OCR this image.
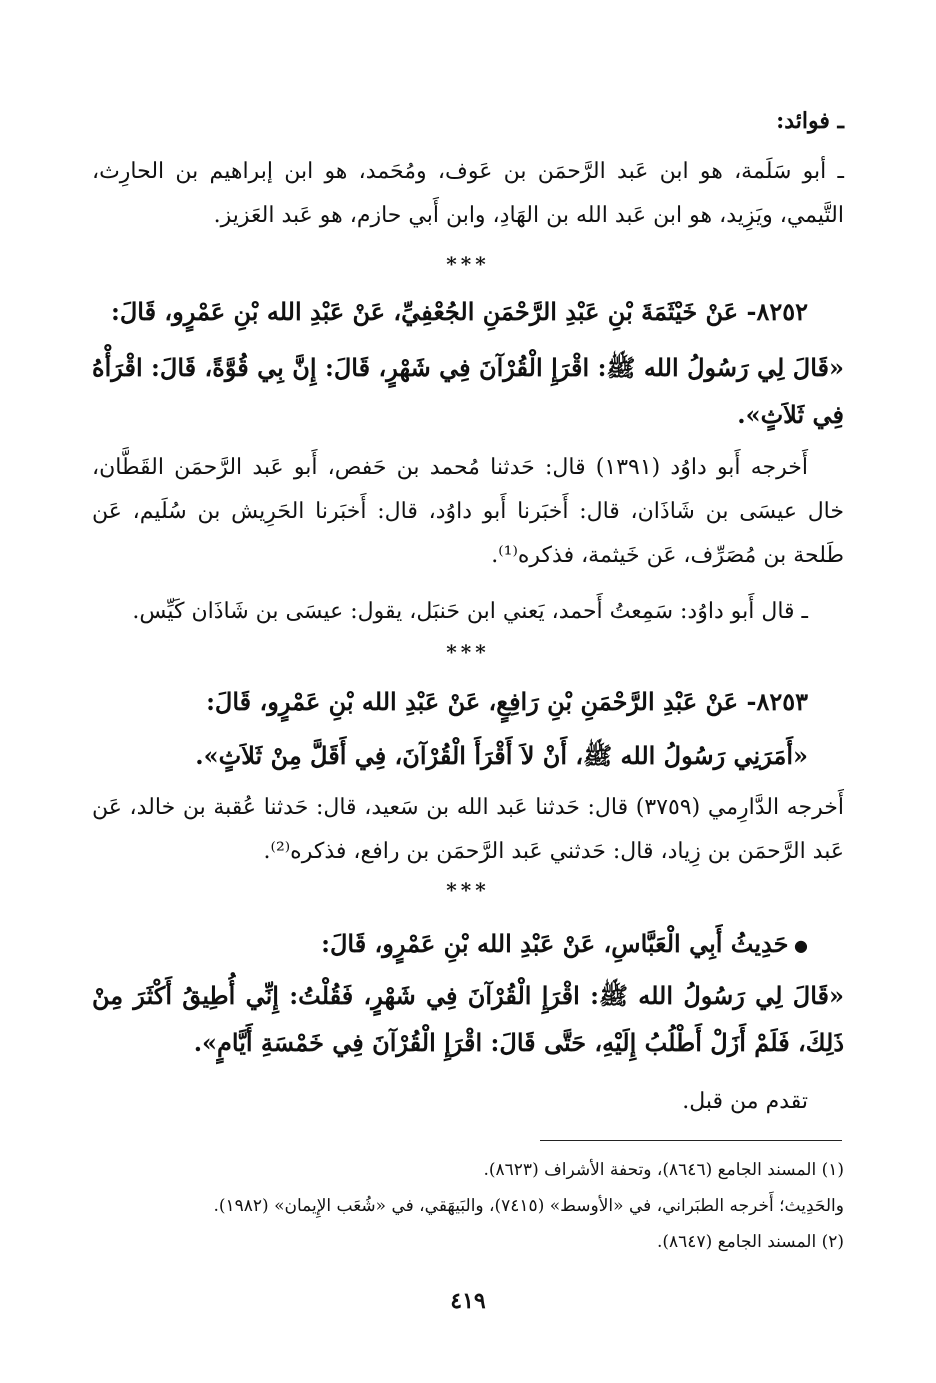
ـ فوائد:

ـ أبو سَلَمة، هو ابن عَبد الرَّحمَن بن عَوف، ومُحَمد، هو ابن إبراهيم بن الحارِث، التَّيمي، ويَزِيد، هو ابن عَبد الله بن الهَادِ، وابن أَبي حازم، هو عَبد العَزيز.

***

٨٢٥٢- عَنْ خَيْثَمَةَ بْنِ عَبْدِ الرَّحْمَنِ الجُعْفِيِّ، عَنْ عَبْدِ الله بْنِ عَمْرٍو، قَالَ:

«قَالَ لِي رَسُولُ الله ﷺ: اقْرَإِ الْقُرْآنَ فِي شَهْرٍ، قَالَ: إِنَّ بِي قُوَّةً، قَالَ: اقْرَأْهُ فِي ثَلاَثٍ».

أَخرجه أَبو داوُد (١٣٩١) قال: حَدثنا مُحمد بن حَفص، أَبو عَبد الرَّحمَن القَطَّان، خال عيسَى بن شَاذَان، قال: أَخبَرنا أَبو داوُد، قال: أَخبَرنا الحَرِيش بن سُلَيم، عَن طَلحة بن مُصَرِّف، عَن خَيثمة، فذكره⁽¹⁾.

ـ قال أَبو داوُد: سَمِعتُ أَحمد، يَعني ابن حَنبَل، يقول: عيسَى بن شَاذَان كَيِّس.

***

٨٢٥٣- عَنْ عَبْدِ الرَّحْمَنِ بْنِ رَافِعٍ، عَنْ عَبْدِ الله بْنِ عَمْرٍو، قَالَ:

«أَمَرَنِي رَسُولُ الله ﷺ، أَنْ لاَ أَقْرَأَ الْقُرْآنَ، فِي أَقَلَّ مِنْ ثَلاَثٍ».

أَخرجه الدَّارِمي (٣٧٥٩) قال: حَدثنا عَبد الله بن سَعيد، قال: حَدثنا عُقبة بن خالد، عَن عَبد الرَّحمَن بن زِياد، قال: حَدثني عَبد الرَّحمَن بن رافع، فذكره⁽²⁾.

***

● حَدِيثُ أَبِي الْعَبَّاسِ، عَنْ عَبْدِ الله بْنِ عَمْرٍو، قَالَ:

«قَالَ لِي رَسُولُ الله ﷺ: اقْرَإِ الْقُرْآنَ فِي شَهْرٍ، فَقُلْتُ: إِنِّي أُطِيقُ أَكْثَرَ مِنْ ذَلِكَ، فَلَمْ أَزَلْ أَطْلُبُ إِلَيْهِ، حَتَّى قَالَ: اقْرَإِ الْقُرْآنَ فِي خَمْسَةِ أَيَّامٍ».

تقدم من قبل.

(١) المسند الجامع (٨٦٤٦)، وتحفة الأشراف (٨٦٢٣).

والحَدِيث؛ أَخرجه الطبَراني، في «الأوسط» (٧٤١٥)، والبَيهَقي، في «شُعَب الإِيمان» (١٩٨٢).

(٢) المسند الجامع (٨٦٤٧).

٤١٩
